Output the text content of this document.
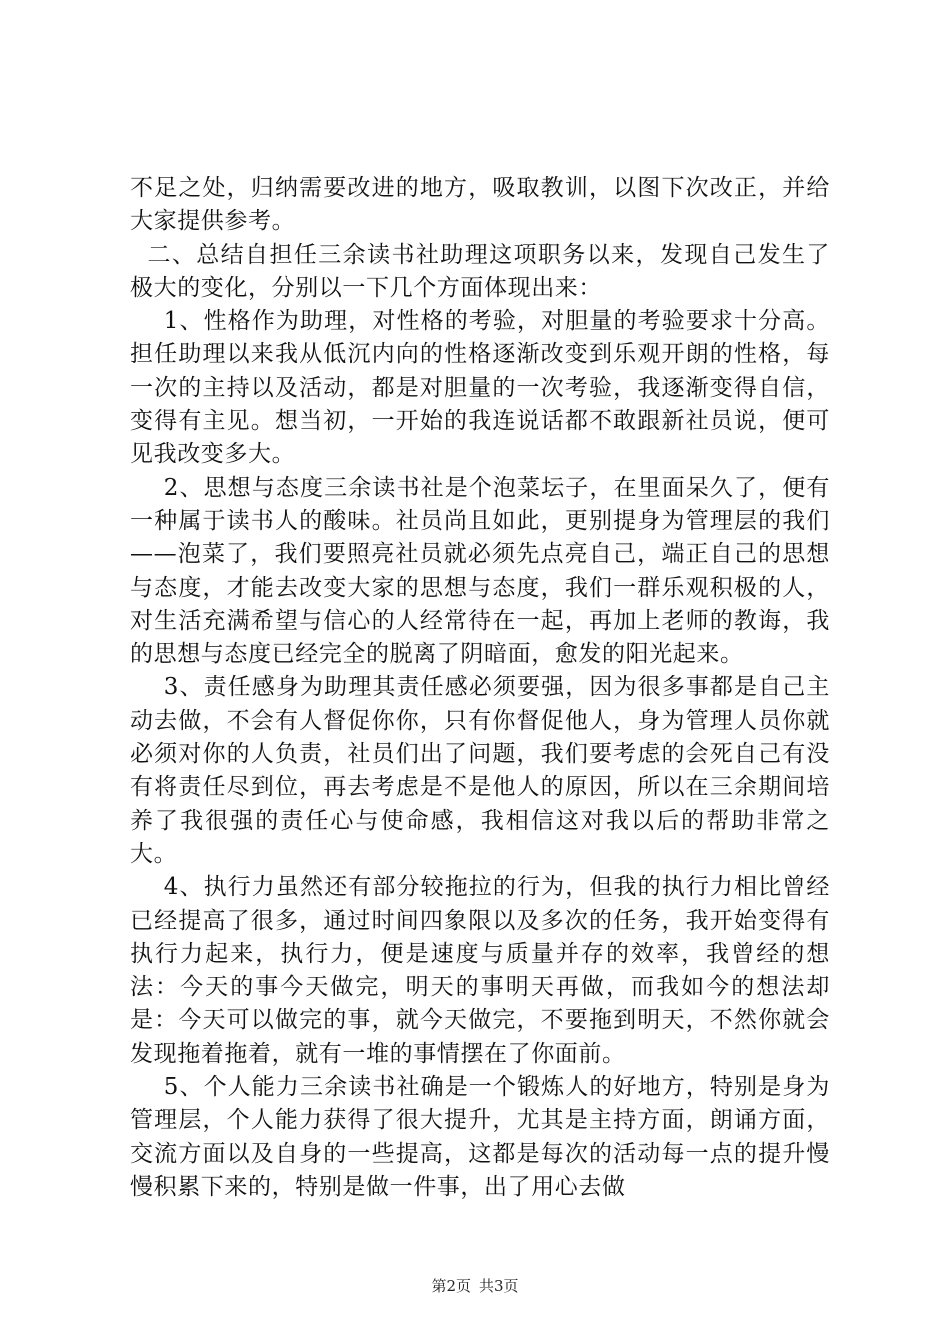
不足之处，归纳需要改进的地方，吸取教训，以图下次改正，并给大家提供参考。

二、总结自担任三余读书社助理这项职务以来，发现自己发生了极大的变化，分别以一下几个方面体现出来：

1、性格作为助理，对性格的考验，对胆量的考验要求十分高。担任助理以来我从低沉内向的性格逐渐改变到乐观开朗的性格，每一次的主持以及活动，都是对胆量的一次考验，我逐渐变得自信，变得有主见。想当初，一开始的我连说话都不敢跟新社员说，便可见我改变多大。

2、思想与态度三余读书社是个泡菜坛子，在里面呆久了，便有一种属于读书人的酸味。社员尚且如此，更别提身为管理层的我们——泡菜了，我们要照亮社员就必须先点亮自己，端正自己的思想与态度，才能去改变大家的思想与态度，我们一群乐观积极的人，对生活充满希望与信心的人经常待在一起，再加上老师的教诲，我的思想与态度已经完全的脱离了阴暗面，愈发的阳光起来。

3、责任感身为助理其责任感必须要强，因为很多事都是自己主动去做，不会有人督促你你，只有你督促他人，身为管理人员你就必须对你的人负责，社员们出了问题，我们要考虑的会死自己有没有将责任尽到位，再去考虑是不是他人的原因，所以在三余期间培养了我很强的责任心与使命感，我相信这对我以后的帮助非常之大。

4、执行力虽然还有部分较拖拉的行为，但我的执行力相比曾经已经提高了很多，通过时间四象限以及多次的任务，我开始变得有执行力起来，执行力，便是速度与质量并存的效率，我曾经的想法：今天的事今天做完，明天的事明天再做，而我如今的想法却是：今天可以做完的事，就今天做完，不要拖到明天，不然你就会发现拖着拖着，就有一堆的事情摆在了你面前。

5、个人能力三余读书社确是一个锻炼人的好地方，特别是身为管理层，个人能力获得了很大提升，尤其是主持方面，朗诵方面，交流方面以及自身的一些提高，这都是每次的活动每一点的提升慢慢积累下来的，特别是做一件事，出了用心去做

第2页 共3页
